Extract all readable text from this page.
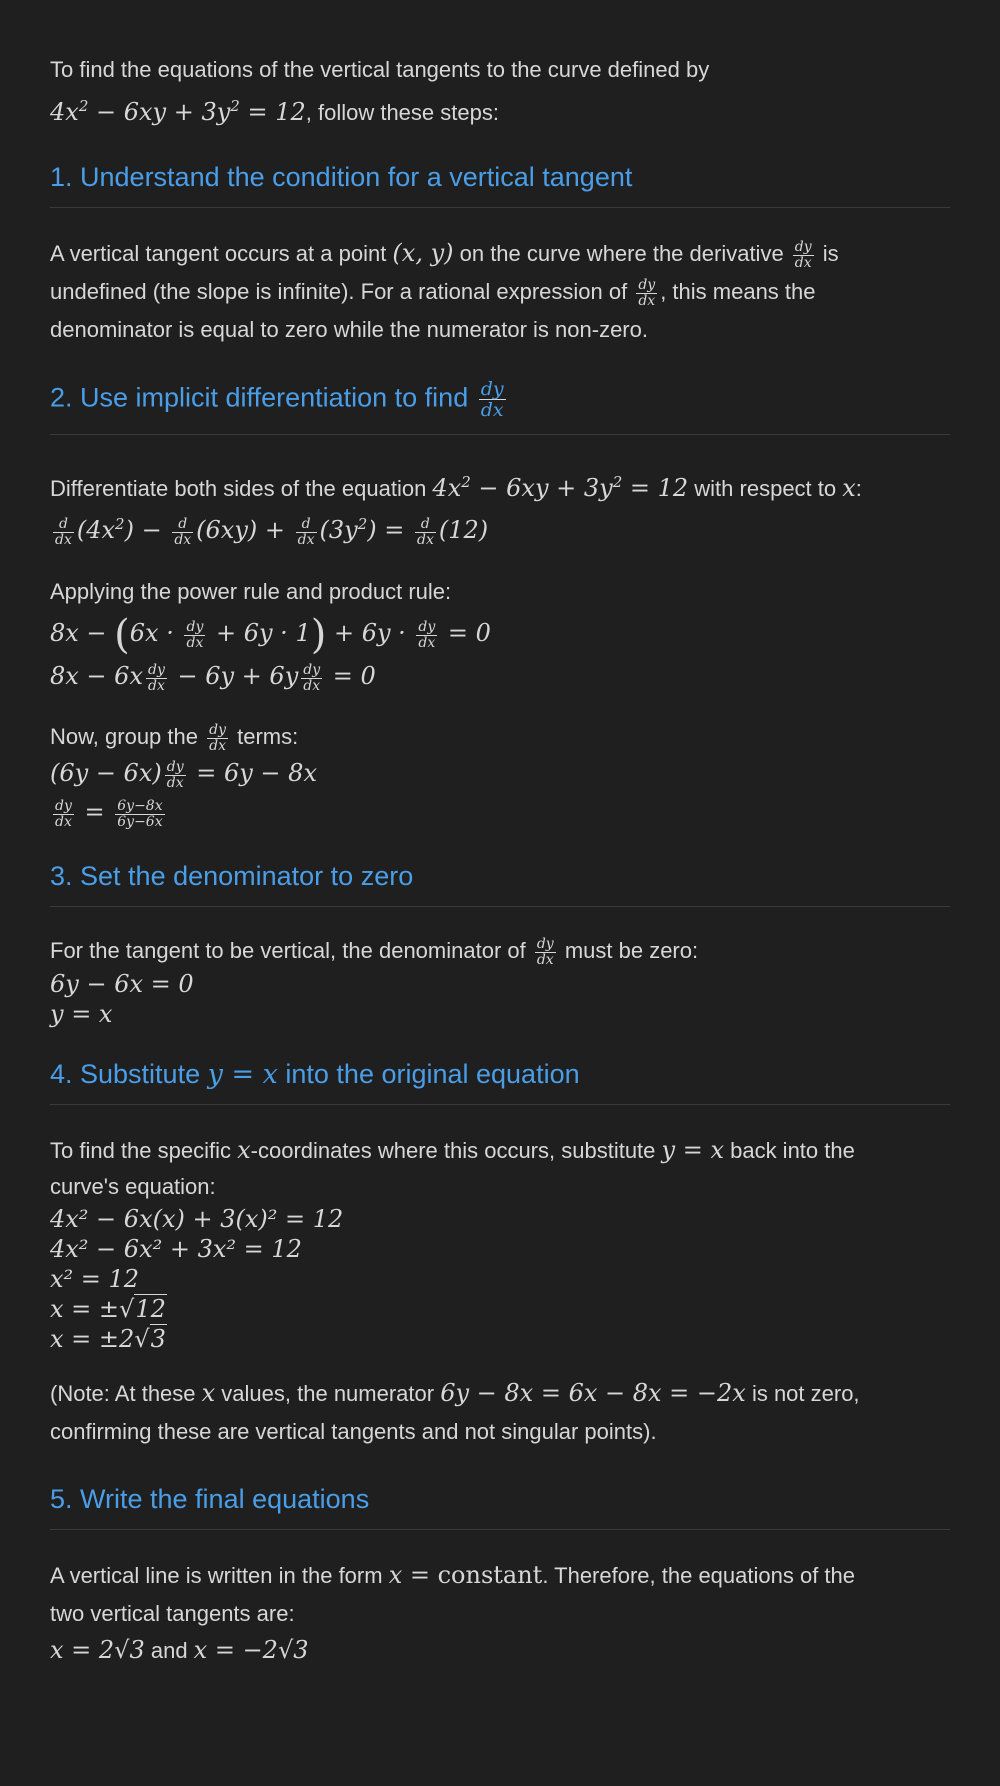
To find the equations of the vertical tangents to the curve defined by

$4x^2 - 6xy + 3y^2 = 12$, follow these steps:

1. Understand the condition for a vertical tangent

A vertical tangent occurs at a point (x, y) on the curve where the derivative $\frac{dy}{dx}$ is

undefined (the slope is infinite). For a rational expression of $\frac{dy}{dx}$ , this means the

denominator is equal to zero while the numerator is non-zero.

2. Use implicit differentiation to find $\frac{dy}{dx}$

Differentiate both sides of the equation $4x^2 - 6xy + 3y^2 = 12$ with respect to x:

$\frac{d}{dx} (4x^2) - \frac{d}{dx} (6xy) + \frac{d}{dx} (3y^2) = \frac{d}{dx} (12)$

Applying the power rule and product rule:

$8x - (6x \cdot \frac{dy}{dx} + 6y \cdot 1) + 6y \cdot \frac{dy}{dx} = 0$

$8x - 6x \frac{dy}{dx} - 6y + 6y \frac{dy}{dx} = 0$

Now, group the $\frac{dy}{dx}$ terms:

$(6y - 6x) \frac{dy}{dx} = 6y - 8x$

$\frac{dy}{dx} = \frac{6y-8x}{6y-6x}$

3. Set the denominator to zero

For the tangent to be vertical, the denominator of $\frac{dy}{dx}$ must be zero:

6y − 6x = 0

y = x

4. Substitute y = x into the original equation

To find the specific x-coordinates where this occurs, substitute y = x back into the

curve's equation:

4x² − 6x(x) + 3(x)² = 12

4x² − 6x² + 3x² = 12

x² = 12

x = ±√12

x = ±2√3

(Note: At these x values, the numerator 6y − 8x = 6x − 8x = −2x is not zero,

confirming these are vertical tangents and not singular points).

5. Write the final equations

A vertical line is written in the form x = constant. Therefore, the equations of the

two vertical tangents are:

x = 2√3 and x = −2√3
